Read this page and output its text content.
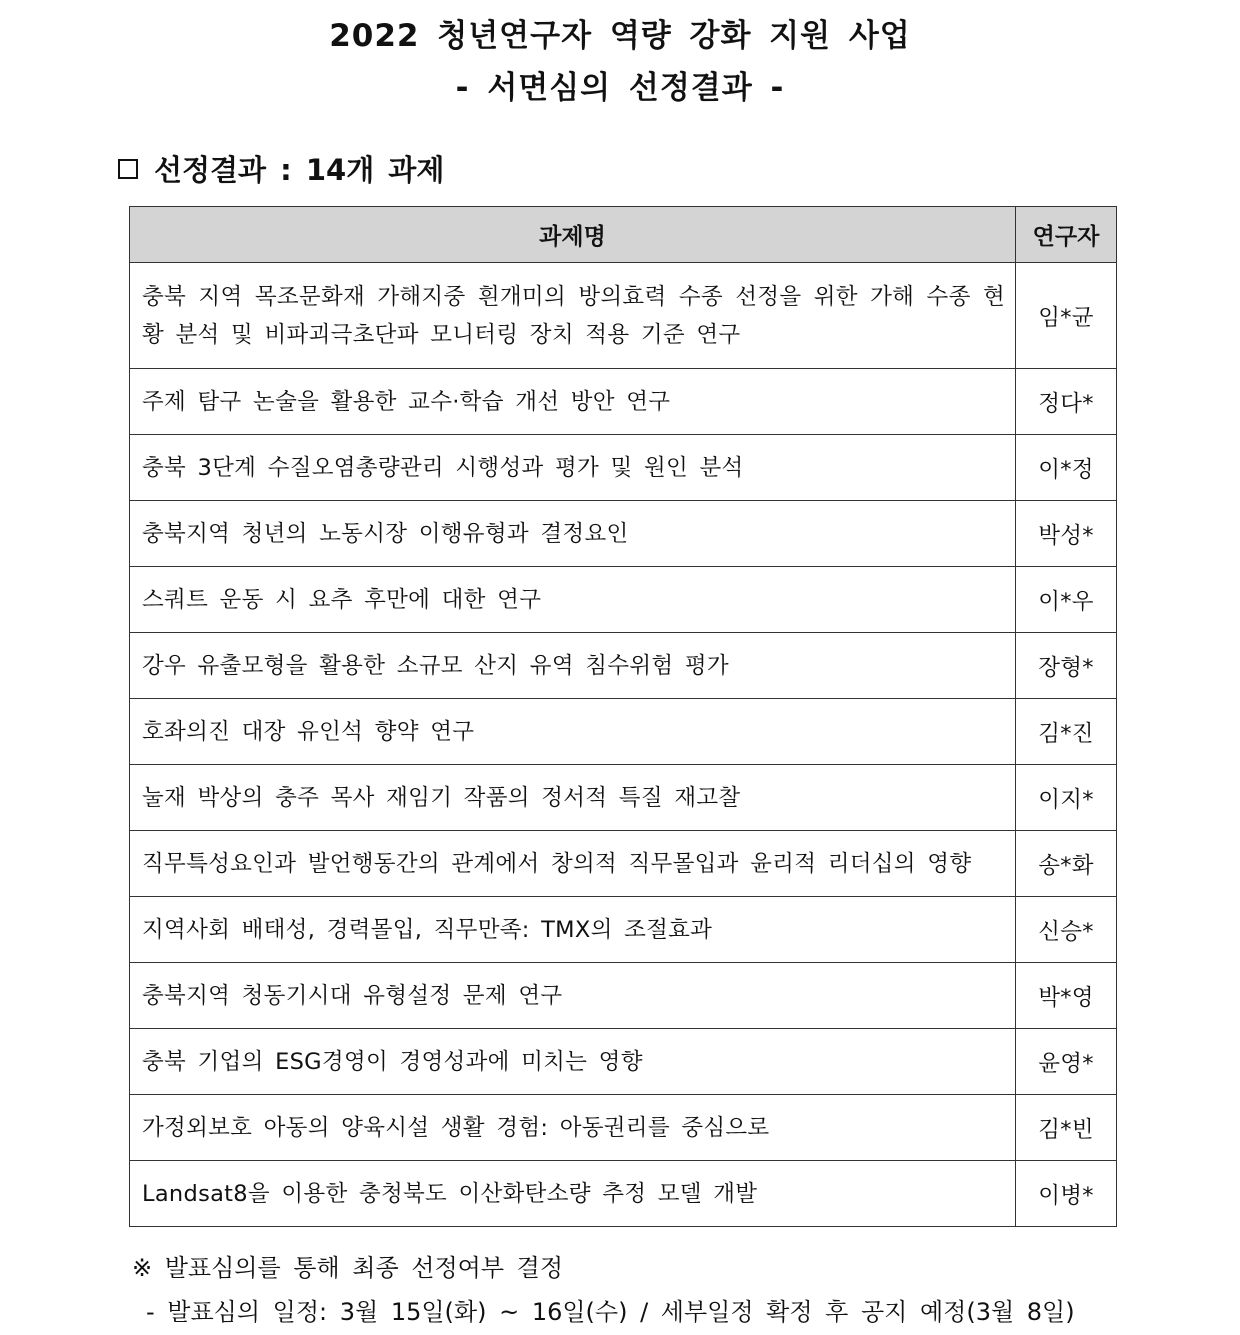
2022 청년연구자 역량 강화 지원 사업
- 서면심의 선정결과 -
선정결과 : 14개 과제
과제명	연구자
충북 지역 목조문화재 가해지중 흰개미의 방의효력 수종 선정을 위한 가해 수종 현황 분석 및 비파괴극초단파 모니터링 장치 적용 기준 연구	임*균
주제 탐구 논술을 활용한 교수·학습 개선 방안 연구	정다*
충북 3단계 수질오염총량관리 시행성과 평가 및 원인 분석	이*정
충북지역 청년의 노동시장 이행유형과 결정요인	박성*
스쿼트 운동 시 요추 후만에 대한 연구	이*우
강우 유출모형을 활용한 소규모 산지 유역 침수위험 평가	장형*
호좌의진 대장 유인석 향약 연구	김*진
눌재 박상의 충주 목사 재임기 작품의 정서적 특질 재고찰	이지*
직무특성요인과 발언행동간의 관계에서 창의적 직무몰입과 윤리적 리더십의 영향	송*화
지역사회 배태성, 경력몰입, 직무만족: TMX의 조절효과	신승*
충북지역 청동기시대 유형설정 문제 연구	박*영
충북 기업의 ESG경영이 경영성과에 미치는 영향	윤영*
가정외보호 아동의 양육시설 생활 경험: 아동권리를 중심으로	김*빈
Landsat8을 이용한 충청북도 이산화탄소량 추정 모델 개발	이병*
※ 발표심의를 통해 최종 선정여부 결정
- 발표심의 일정: 3월 15일(화) ~ 16일(수) / 세부일정 확정 후 공지 예정(3월 8일)
